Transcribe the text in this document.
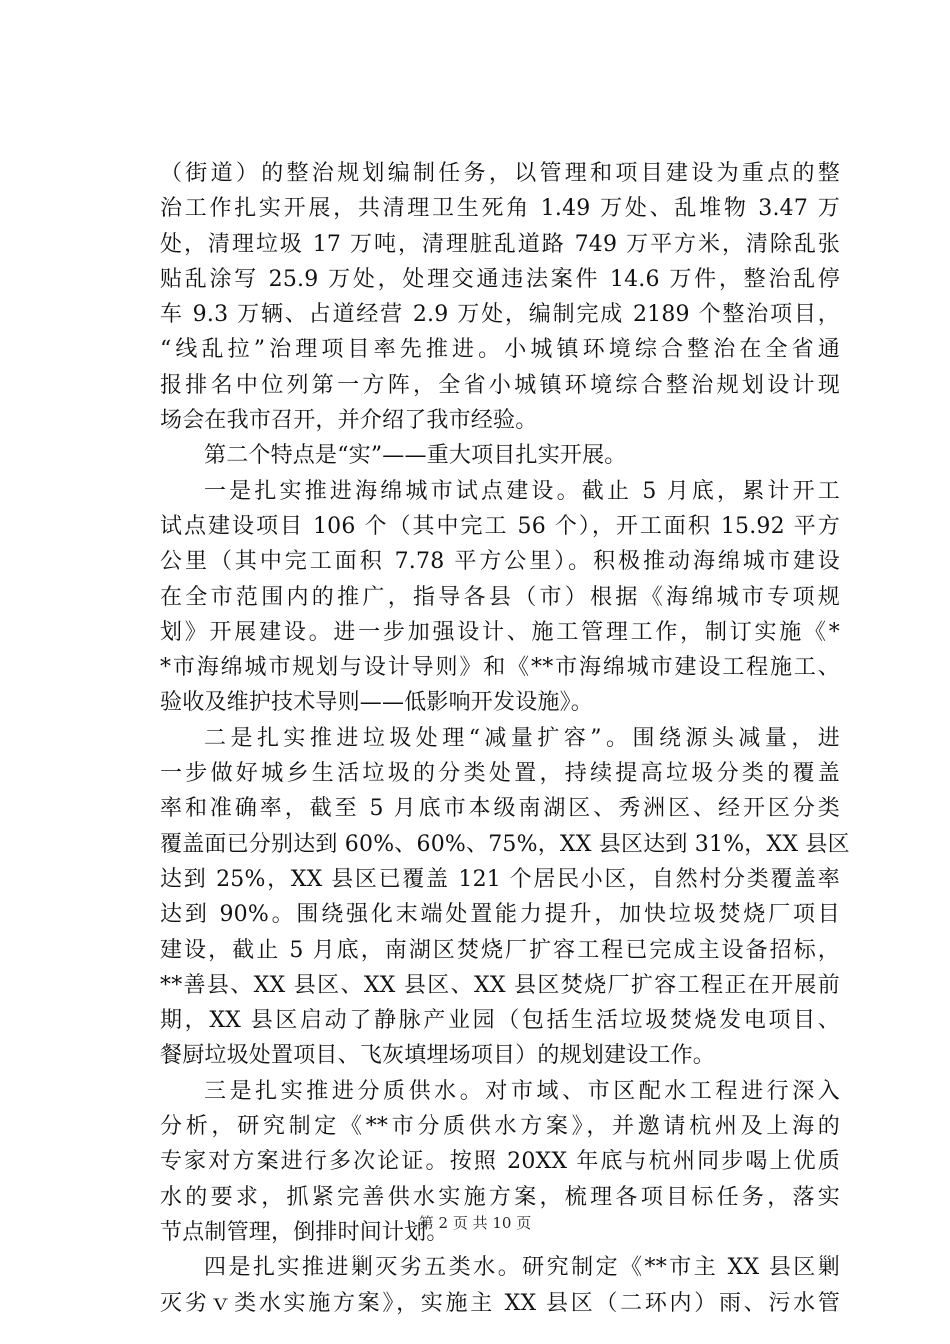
（街道）的整治规划编制任务，以管理和项目建设为重点的整
治工作扎实开展，共清理卫生死角 1.49 万处、乱堆物 3.47 万
处，清理垃圾 17 万吨，清理脏乱道路 749 万平方米，清除乱张
贴乱涂写 25.9 万处，处理交通违法案件 14.6 万件，整治乱停
车 9.3 万辆、占道经营 2.9 万处，编制完成 2189 个整治项目，
“线乱拉”治理项目率先推进。小城镇环境综合整治在全省通
报排名中位列第一方阵，全省小城镇环境综合整治规划设计现
场会在我市召开，并介绍了我市经验。
第二个特点是“实”——重大项目扎实开展。
一是扎实推进海绵城市试点建设。截止 5 月底，累计开工
试点建设项目 106 个（其中完工 56 个），开工面积 15.92 平方
公里（其中完工面积 7.78 平方公里）。积极推动海绵城市建设
在全市范围内的推广，指导各县（市）根据《海绵城市专项规
划》开展建设。进一步加强设计、施工管理工作，制订实施《*
*市海绵城市规划与设计导则》和《**市海绵城市建设工程施工、
验收及维护技术导则——低影响开发设施》。
二是扎实推进垃圾处理“减量扩容”。围绕源头减量，进
一步做好城乡生活垃圾的分类处置，持续提高垃圾分类的覆盖
率和准确率，截至 5 月底市本级南湖区、秀洲区、经开区分类
覆盖面已分别达到 60%、60%、75%，XX 县区达到 31%，XX 县区
达到 25%，XX 县区已覆盖 121 个居民小区，自然村分类覆盖率
达到 90%。围绕强化末端处置能力提升，加快垃圾焚烧厂项目
建设，截止 5 月底，南湖区焚烧厂扩容工程已完成主设备招标，
**善县、XX 县区、XX 县区、XX 县区焚烧厂扩容工程正在开展前
期，XX 县区启动了静脉产业园（包括生活垃圾焚烧发电项目、
餐厨垃圾处置项目、飞灰填埋场项目）的规划建设工作。
三是扎实推进分质供水。对市域、市区配水工程进行深入
分析，研究制定《**市分质供水方案》，并邀请杭州及上海的
专家对方案进行多次论证。按照 20XX 年底与杭州同步喝上优质
水的要求，抓紧完善供水实施方案，梳理各项目标任务，落实
节点制管理，倒排时间计划。
四是扎实推进剿灭劣五类水。研究制定《**市主 XX 县区剿
灭劣ｖ类水实施方案》，实施主 XX 县区（二环内）雨、污水管
第 2 页 共 10 页
